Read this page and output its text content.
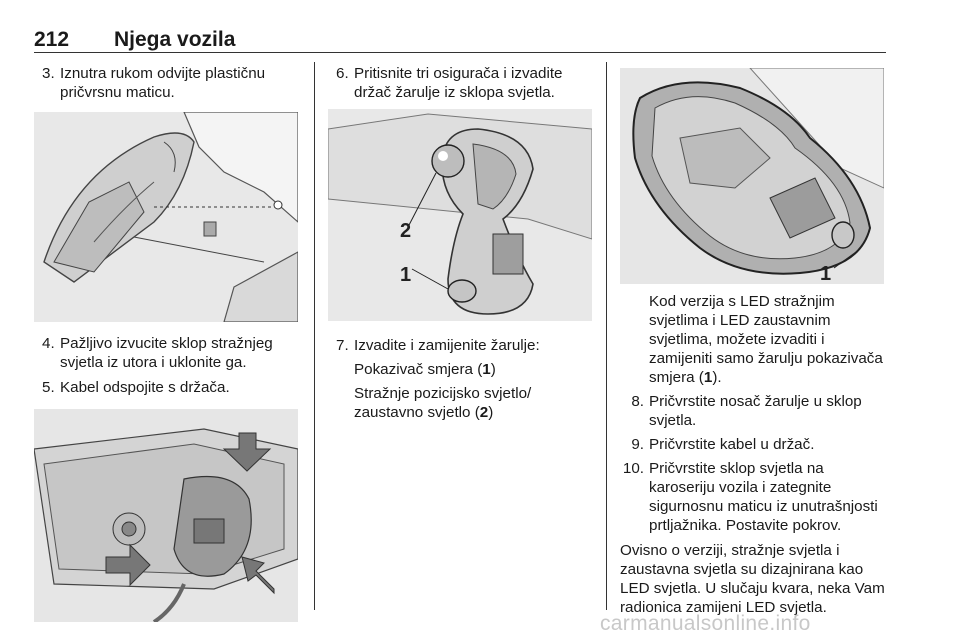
212 Njega vozila

3. Iznutra rukom odvijte plastičnu pričvrsnu maticu.

4. Pažljivo izvucite sklop stražnjeg svjetla iz utora i uklonite ga.

5. Kabel odspojite s držača.

6. Pritisnite tri osigurača i izvadite držač žarulje iz sklopa svjetla.

2
1

7. Izvadite i zamijenite žarulje:

Pokazivač smjera (1)

Stražnje pozicijsko svjetlo/ zaustavno svjetlo (2)

1

Kod verzija s LED stražnjim svjetlima i LED zaustavnim svjetlima, možete izvaditi i zamijeniti samo žarulju pokazivača smjera (1).

8. Pričvrstite nosač žarulje u sklop svjetla.

9. Pričvrstite kabel u držač.

10. Pričvrstite sklop svjetla na karoseriju vozila i zategnite sigurnosnu maticu iz unutrašnjosti prtljažnika. Postavite pokrov.

Ovisno o verziji, stražnje svjetla i zaustavna svjetla su dizajnirana kao LED svjetla. U slučaju kvara, neka Vam radionica zamijeni LED svjetla.

carmanualsonline.info
